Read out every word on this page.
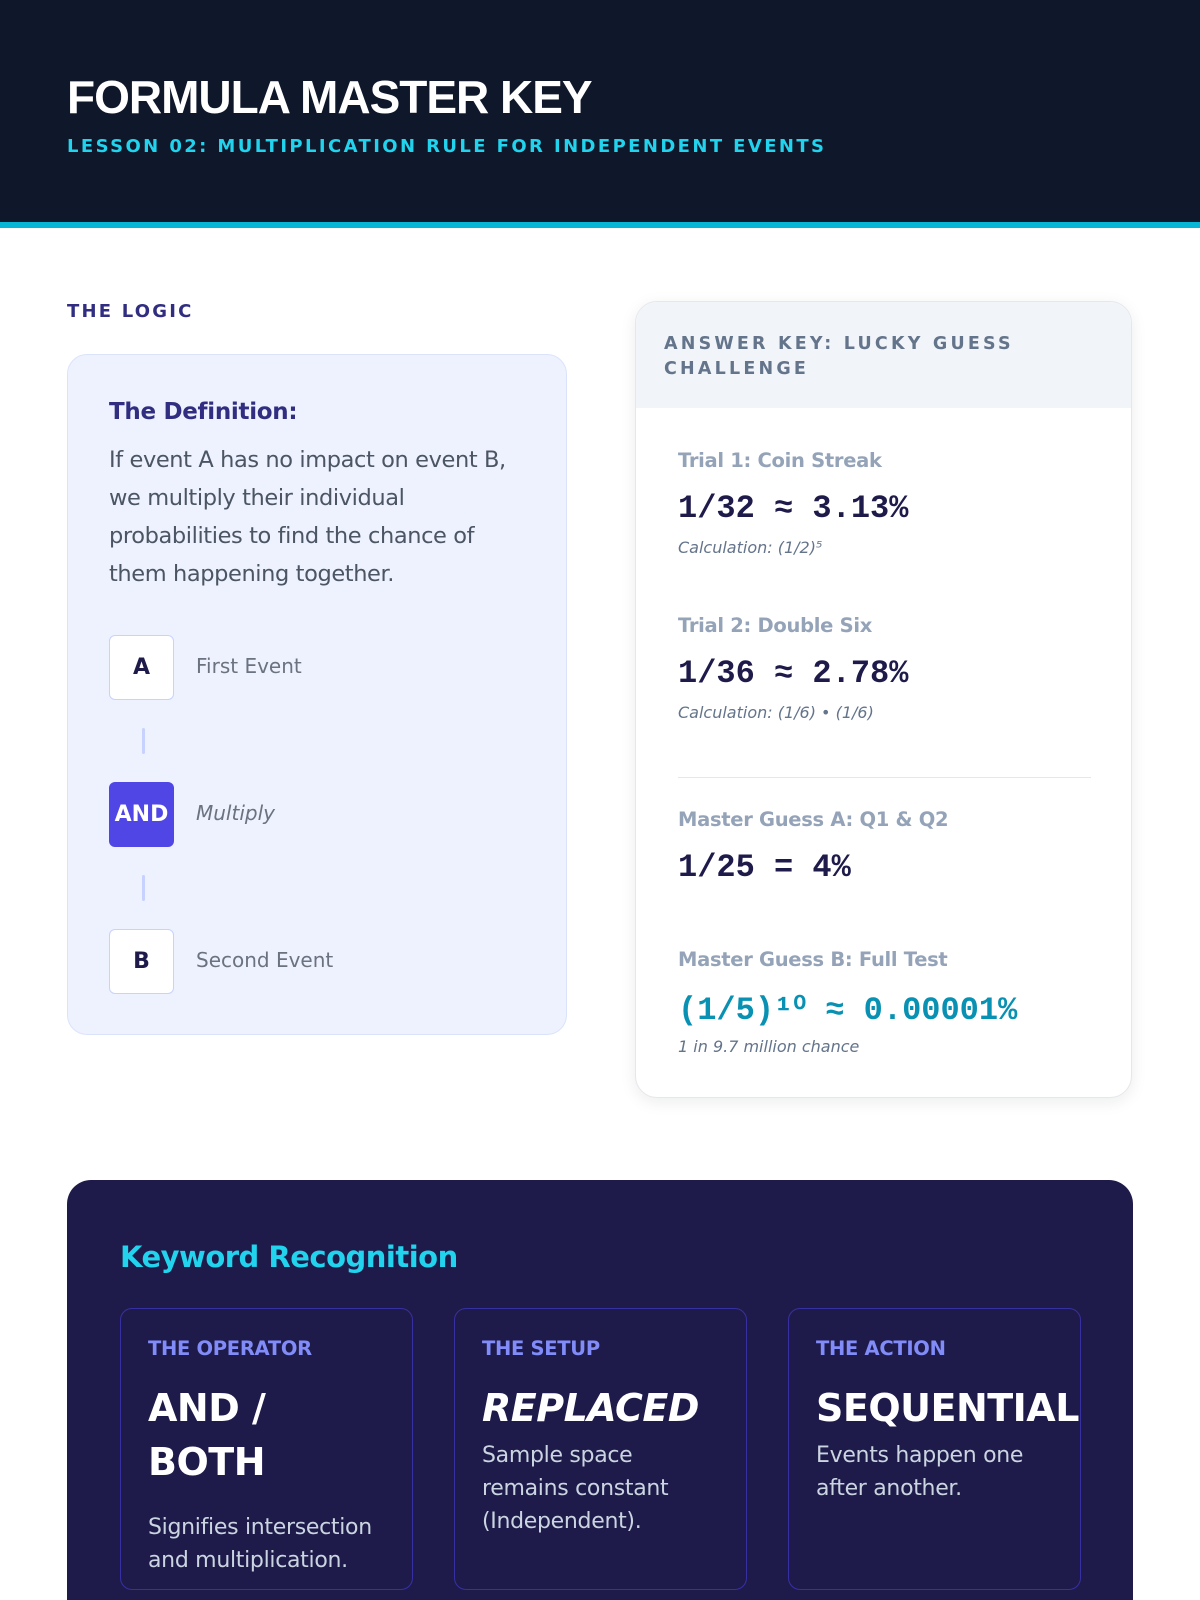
FORMULA MASTER KEY
LESSON 02: MULTIPLICATION RULE FOR INDEPENDENT EVENTS
THE LOGIC
The Definition:

If event A has no impact on event B, we multiply their individual probabilities to find the chance of them happening together.

A	First Event
AND Multiply
B	Second Event
ANSWER KEY: LUCKY GUESS CHALLENGE
Trial 1: Coin Streak
1/32 ≈ 3.13%
Calculation: (1/2)⁵
Trial 2: Double Six
1/36 ≈ 2.78%
Calculation: (1/6) • (1/6)
Master Guess A: Q1 & Q2
1/25 = 4%
Master Guess B: Full Test
(1/5)¹⁰ ≈ 0.00001%
1 in 9.7 million chance
Keyword Recognition
THE OPERATOR
AND / BOTH
Signifies intersection and multiplication.
THE SETUP
REPLACED
Sample space remains constant (Independent).
THE ACTION
SEQUENTIAL
Events happen one after another.
